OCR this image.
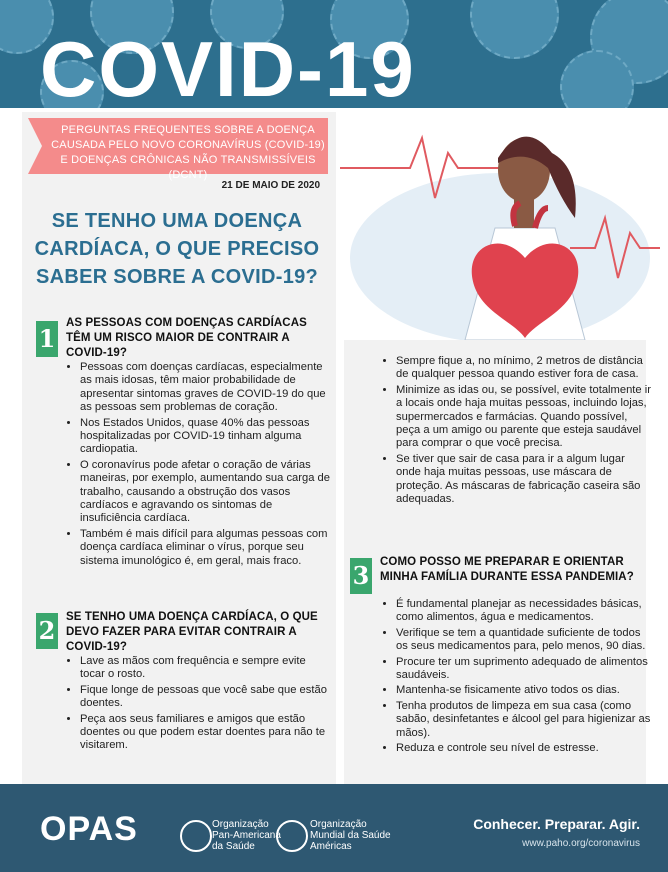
COVID-19
PERGUNTAS FREQUENTES SOBRE A DOENÇA CAUSADA PELO NOVO CORONAVÍRUS (COVID-19) E DOENÇAS CRÔNICAS NÃO TRANSMISSÍVEIS (DCNT)
21 DE MAIO DE 2020
SE TENHO UMA DOENÇA CARDÍACA, O QUE PRECISO SABER SOBRE A COVID-19?
1
AS PESSOAS COM DOENÇAS CARDÍACAS TÊM UM RISCO MAIOR DE CONTRAIR A COVID-19?
• Pessoas com doenças cardíacas, especialmente as mais idosas, têm maior probabilidade de apresentar sintomas graves de COVID-19 do que as pessoas sem problemas de coração.
• Nos Estados Unidos, quase 40% das pessoas hospitalizadas por COVID-19 tinham alguma cardiopatia.
• O coronavírus pode afetar o coração de várias maneiras, por exemplo, aumentando sua carga de trabalho, causando a obstrução dos vasos cardíacos e agravando os sintomas de insuficiência cardíaca.
• Também é mais difícil para algumas pessoas com doença cardíaca eliminar o vírus, porque seu sistema imunológico é, em geral, mais fraco.
2 SE TENHO UMA DOENÇA CARDÍACA, O QUE DEVO FAZER PARA EVITAR CONTRAIR A COVID-19?
• Lave as mãos com frequência e sempre evite tocar o rosto.
• Fique longe de pessoas que você sabe que estão doentes.
• Peça aos seus familiares e amigos que estão doentes ou que podem estar doentes para não te visitarem.
• Sempre fique a, no mínimo, 2 metros de distância de qualquer pessoa quando estiver fora de casa.
• Minimize as idas ou, se possível, evite totalmente ir a locais onde haja muitas pessoas, incluindo lojas, supermercados e farmácias. Quando possível, peça a um amigo ou parente que esteja saudável para comprar o que você precisa.
• Se tiver que sair de casa para ir a algum lugar onde haja muitas pessoas, use máscara de proteção. As máscaras de fabricação caseira são adequadas.
3 COMO POSSO ME PREPARAR E ORIENTAR MINHA FAMÍLIA DURANTE ESSA PANDEMIA?
• É fundamental planejar as necessidades básicas, como alimentos, água e medicamentos.
• Verifique se tem a quantidade suficiente de todos os seus medicamentos para, pelo menos, 90 dias.
• Procure ter um suprimento adequado de alimentos saudáveis.
• Mantenha-se fisicamente ativo todos os dias.
• Tenha produtos de limpeza em sua casa (como sabão, desinfetantes e álcool gel para higienizar as mãos).
• Reduza e controle seu nível de estresse.
OPAS	Organização
Pan-Americana
da Saúde
Organização
Mundial da Saúde
Américas
Conhecer. Preparar. Agir.
www.paho.org/coronavirus
